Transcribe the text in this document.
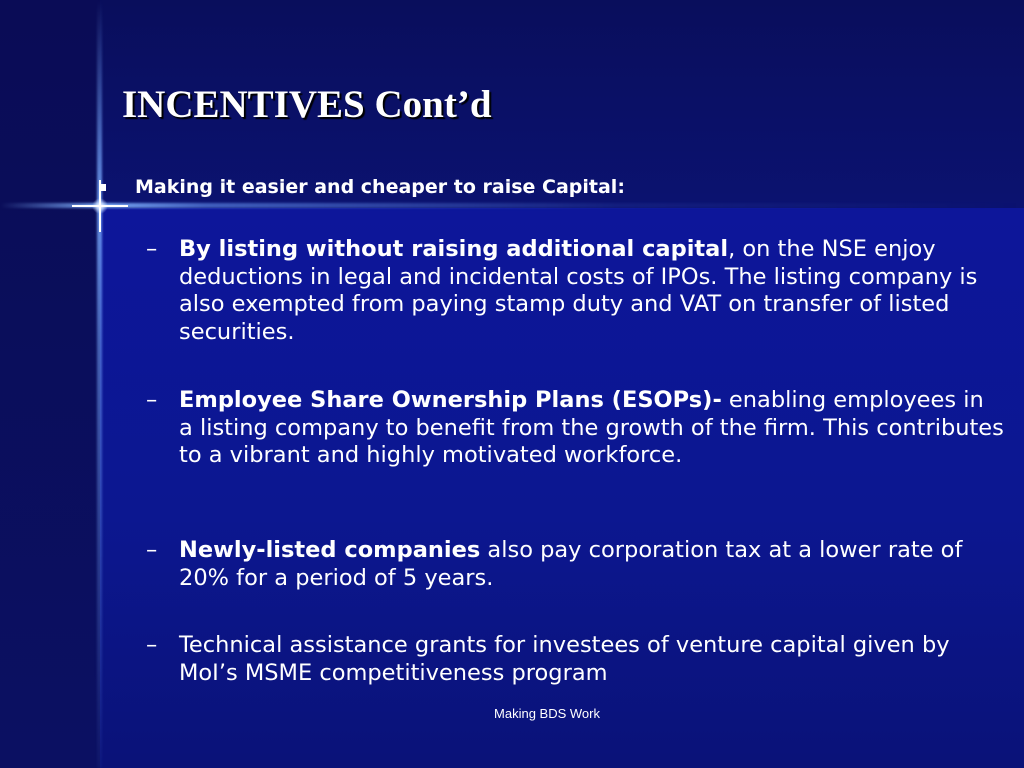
INCENTIVES Cont’d
Making it easier and cheaper to raise Capital:
– By listing without raising additional capital, on the NSE enjoy deductions in legal and incidental costs of IPOs. The listing company is also exempted from paying stamp duty and VAT on transfer of listed securities.
– Employee Share Ownership Plans (ESOPs)- enabling employees in a listing company to benefit from the growth of the firm. This contributes to a vibrant and highly motivated workforce.
– Newly-listed companies also pay corporation tax at a lower rate of 20% for a period of 5 years.
– Technical assistance grants for investees of venture capital given by MoI’s MSME competitiveness program
Making BDS Work
